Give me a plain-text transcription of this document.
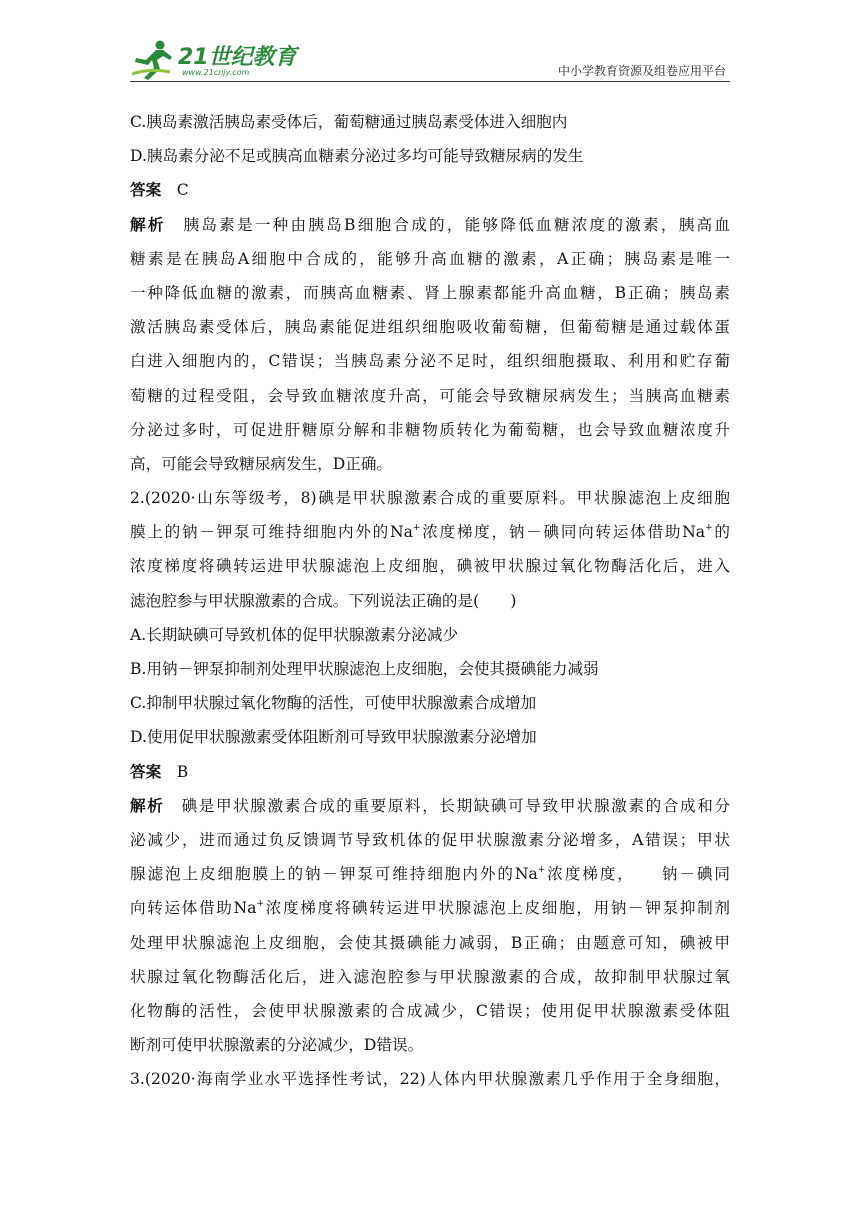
21世纪教育
www.21cnjy.com	中小学教育资源及组卷应用平台
C.胰岛素激活胰岛素受体后，葡萄糖通过胰岛素受体进入细胞内
D.胰岛素分泌不足或胰高血糖素分泌过多均可能导致糖尿病的发生
答案　C
解析　胰岛素是一种由胰岛B细胞合成的，能够降低血糖浓度的激素，胰高血
糖素是在胰岛A细胞中合成的，能够升高血糖的激素，A正确；胰岛素是唯一
一种降低血糖的激素，而胰高血糖素、肾上腺素都能升高血糖，B正确；胰岛素
激活胰岛素受体后，胰岛素能促进组织细胞吸收葡萄糖，但葡萄糖是通过载体蛋
白进入细胞内的，C错误；当胰岛素分泌不足时，组织细胞摄取、利用和贮存葡
萄糖的过程受阻，会导致血糖浓度升高，可能会导致糖尿病发生；当胰高血糖素
分泌过多时，可促进肝糖原分解和非糖物质转化为葡萄糖，也会导致血糖浓度升
高，可能会导致糖尿病发生，D正确。
2.(2020·山东等级考，8)碘是甲状腺激素合成的重要原料。甲状腺滤泡上皮细胞
膜上的钠－钾泵可维持细胞内外的Na+浓度梯度，钠－碘同向转运体借助Na+的
浓度梯度将碘转运进甲状腺滤泡上皮细胞，碘被甲状腺过氧化物酶活化后，进入
滤泡腔参与甲状腺激素的合成。下列说法正确的是(　　)
A.长期缺碘可导致机体的促甲状腺激素分泌减少
B.用钠－钾泵抑制剂处理甲状腺滤泡上皮细胞，会使其摄碘能力减弱
C.抑制甲状腺过氧化物酶的活性，可使甲状腺激素合成增加
D.使用促甲状腺激素受体阻断剂可导致甲状腺激素分泌增加
答案　B
解析　碘是甲状腺激素合成的重要原料，长期缺碘可导致甲状腺激素的合成和分
泌减少，进而通过负反馈调节导致机体的促甲状腺激素分泌增多，A错误；甲状
腺滤泡上皮细胞膜上的钠－钾泵可维持细胞内外的Na+浓度梯度，　　钠－碘同
向转运体借助Na+浓度梯度将碘转运进甲状腺滤泡上皮细胞，用钠－钾泵抑制剂
处理甲状腺滤泡上皮细胞，会使其摄碘能力减弱，B正确；由题意可知，碘被甲
状腺过氧化物酶活化后，进入滤泡腔参与甲状腺激素的合成，故抑制甲状腺过氧
化物酶的活性，会使甲状腺激素的合成减少，C错误；使用促甲状腺激素受体阻
断剂可使甲状腺激素的分泌减少，D错误。
3.(2020·海南学业水平选择性考试，22)人体内甲状腺激素几乎作用于全身细胞，
